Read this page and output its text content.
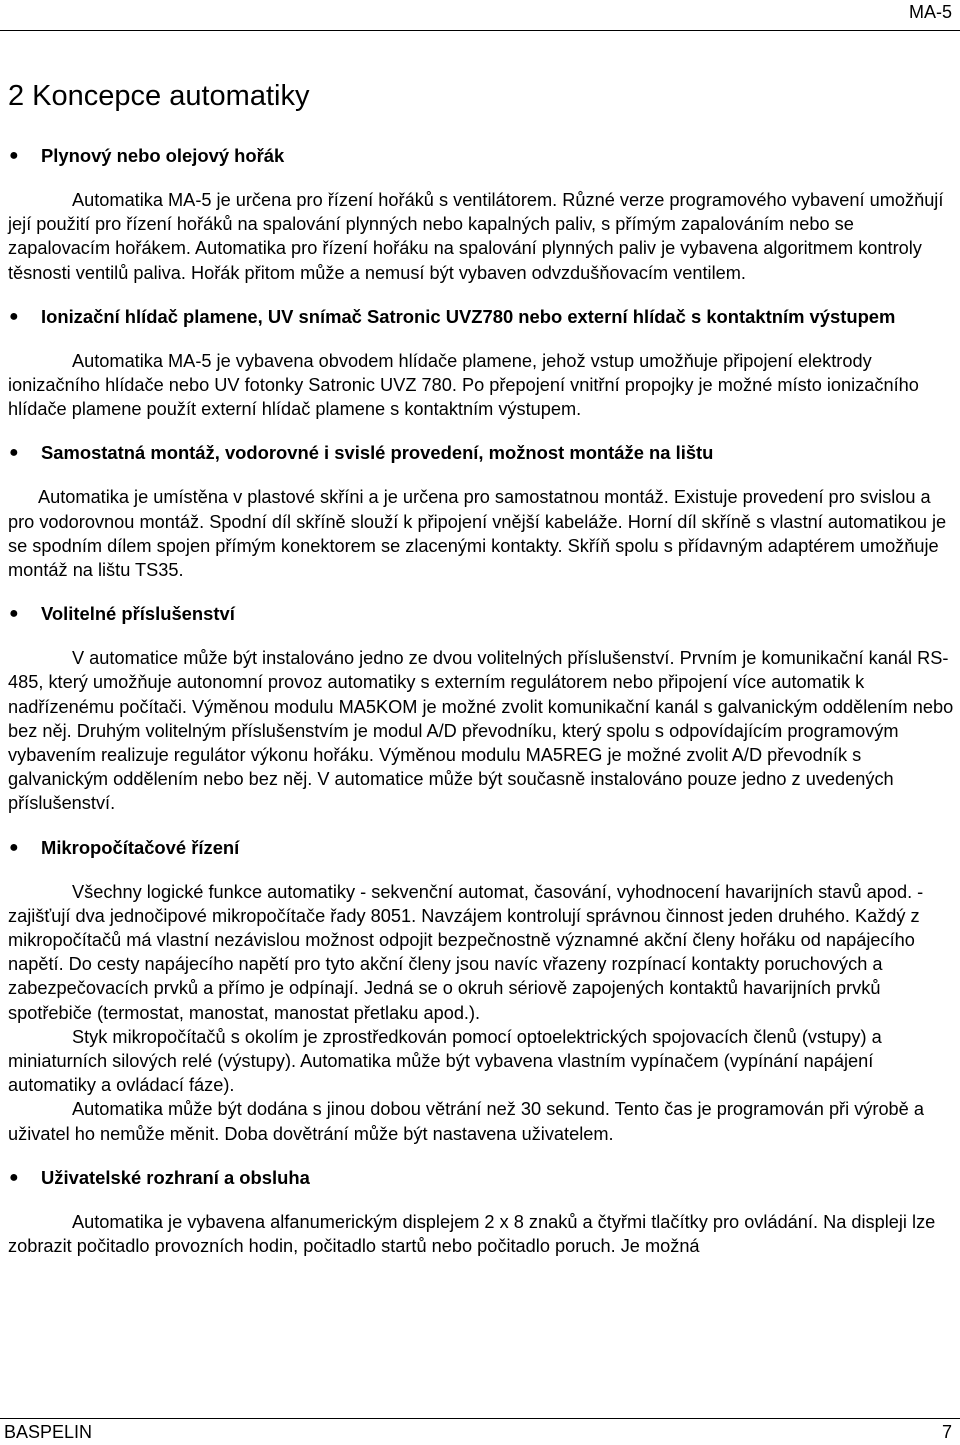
MA-5
2 Koncepce automatiky
●	Plynový nebo olejový hořák

Automatika MA-5 je určena pro řízení hořáků s ventilátorem. Různé verze programového vybavení umožňují její použití pro řízení hořáků na spalování plynných nebo kapalných paliv, s přímým zapalováním nebo se zapalovacím hořákem. Automatika pro řízení hořáku na spalování plynných paliv je vybavena algoritmem kontroly těsnosti ventilů paliva. Hořák přitom může a nemusí být vybaven odvzdušňovacím ventilem.

●	Ionizační hlídač plamene, UV snímač Satronic UVZ780 nebo externí hlídač s kontaktním výstupem

Automatika MA-5 je vybavena obvodem hlídače plamene, jehož vstup umožňuje připojení elektrody ionizačního hlídače nebo UV fotonky Satronic UVZ 780. Po přepojení vnitřní propojky je možné místo ionizačního hlídače plamene použít externí hlídač plamene s kontaktním výstupem.

●	Samostatná montáž, vodorovné i svislé provedení, možnost montáže na lištu

Automatika je umístěna v plastové skříni a je určena pro samostatnou montáž. Existuje provedení pro svislou a pro vodorovnou montáž. Spodní díl skříně slouží k připojení vnější kabeláže. Horní díl skříně s vlastní automatikou je se spodním dílem spojen přímým konektorem se zlacenými kontakty. Skříň spolu s přídavným adaptérem umožňuje montáž na lištu TS35.

●	Volitelné příslušenství

V automatice může být instalováno jedno ze dvou volitelných příslušenství. Prvním je komunikační kanál RS-485, který umožňuje autonomní provoz automatiky s externím regulátorem nebo připojení více automatik k nadřízenému počítači. Výměnou modulu MA5KOM je možné zvolit komunikační kanál s galvanickým oddělením nebo bez něj. Druhým volitelným příslušenstvím je modul A/D převodníku, který spolu s odpovídajícím programovým vybavením realizuje regulátor výkonu hořáku. Výměnou modulu MA5REG je možné zvolit A/D převodník s galvanickým oddělením nebo bez něj. V automatice může být současně instalováno pouze jedno z uvedených příslušenství.

●	Mikropočítačové řízení

Všechny logické funkce automatiky - sekvenční automat, časování, vyhodnocení havarijních stavů apod. - zajišťují dva jednočipové mikropočítače řady 8051. Navzájem kontrolují správnou činnost jeden druhého. Každý z mikropočítačů má vlastní nezávislou možnost odpojit bezpečnostně významné akční členy hořáku od napájecího napětí. Do cesty napájecího napětí pro tyto akční členy jsou navíc vřazeny rozpínací kontakty poruchových a zabezpečovacích prvků a přímo je odpínají. Jedná se o okruh sériově zapojených kontaktů havarijních prvků spotřebiče (termostat, manostat, manostat přetlaku apod.).

Styk mikropočítačů s okolím je zprostředkován pomocí optoelektrických spojovacích členů (vstupy) a miniaturních silových relé (výstupy). Automatika může být vybavena vlastním vypínačem (vypínání napájení automatiky a ovládací fáze).

Automatika může být dodána s jinou dobou větrání než 30 sekund. Tento čas je programován při výrobě a uživatel ho nemůže měnit. Doba dovětrání může být nastavena uživatelem.

●	Uživatelské rozhraní a obsluha

Automatika je vybavena alfanumerickým displejem 2 x 8 znaků a čtyřmi tlačítky pro ovládání. Na displeji lze zobrazit počitadlo provozních hodin, počitadlo startů nebo počitadlo poruch. Je možná

BASPELIN	7
